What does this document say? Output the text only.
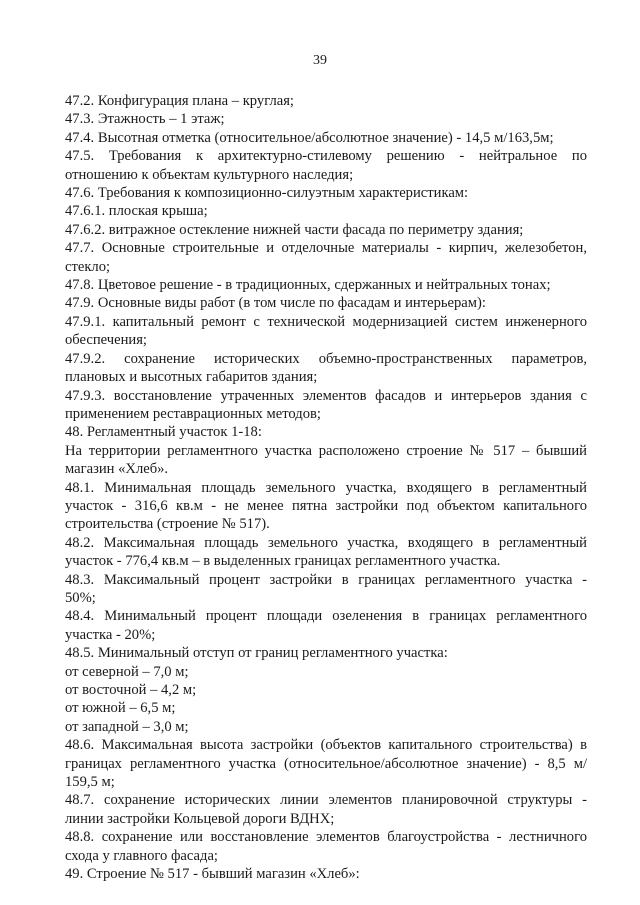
39
47.2. Конфигурация плана – круглая;
47.3. Этажность – 1 этаж;
47.4. Высотная отметка (относительное/абсолютное значение) - 14,5 м/163,5м;
47.5. Требования к архитектурно-стилевому решению - нейтральное по
отношению к объектам культурного наследия;
47.6. Требования к композиционно-силуэтным характеристикам:
47.6.1. плоская крыша;
47.6.2. витражное остекление нижней части фасада по периметру здания;
47.7. Основные строительные и отделочные материалы - кирпич, железобетон,
стекло;
47.8. Цветовое решение - в традиционных, сдержанных и нейтральных тонах;
47.9. Основные виды работ (в том числе по фасадам и интерьерам):
47.9.1. капитальный ремонт с технической модернизацией систем инженерного
обеспечения;
47.9.2. сохранение исторических объемно-пространственных параметров,
плановых и высотных габаритов здания;
47.9.3. восстановление утраченных элементов фасадов и интерьеров здания с
применением реставрационных методов;
48. Регламентный участок 1-18:
На территории регламентного участка расположено строение № 517 – бывший
магазин «Хлеб».
48.1. Минимальная площадь земельного участка, входящего в регламентный
участок - 316,6 кв.м - не менее пятна застройки под объектом капитального
строительства (строение № 517).
48.2. Максимальная площадь земельного участка, входящего в регламентный
участок - 776,4 кв.м – в выделенных границах регламентного участка.
48.3. Максимальный процент застройки в границах регламентного участка -
50%;
48.4. Минимальный процент площади озеленения в границах регламентного
участка - 20%;
48.5. Минимальный отступ от границ регламентного участка:
от северной – 7,0 м;
от восточной – 4,2 м;
от южной – 6,5 м;
от западной – 3,0 м;
48.6. Максимальная высота застройки (объектов капитального строительства) в
границах регламентного участка (относительное/абсолютное значение) - 8,5 м/
159,5 м;
48.7. сохранение исторических линии элементов планировочной структуры -
линии застройки Кольцевой дороги ВДНХ;
48.8. сохранение или восстановление элементов благоустройства - лестничного
схода у главного фасада;
49. Строение № 517 - бывший магазин «Хлеб»:
